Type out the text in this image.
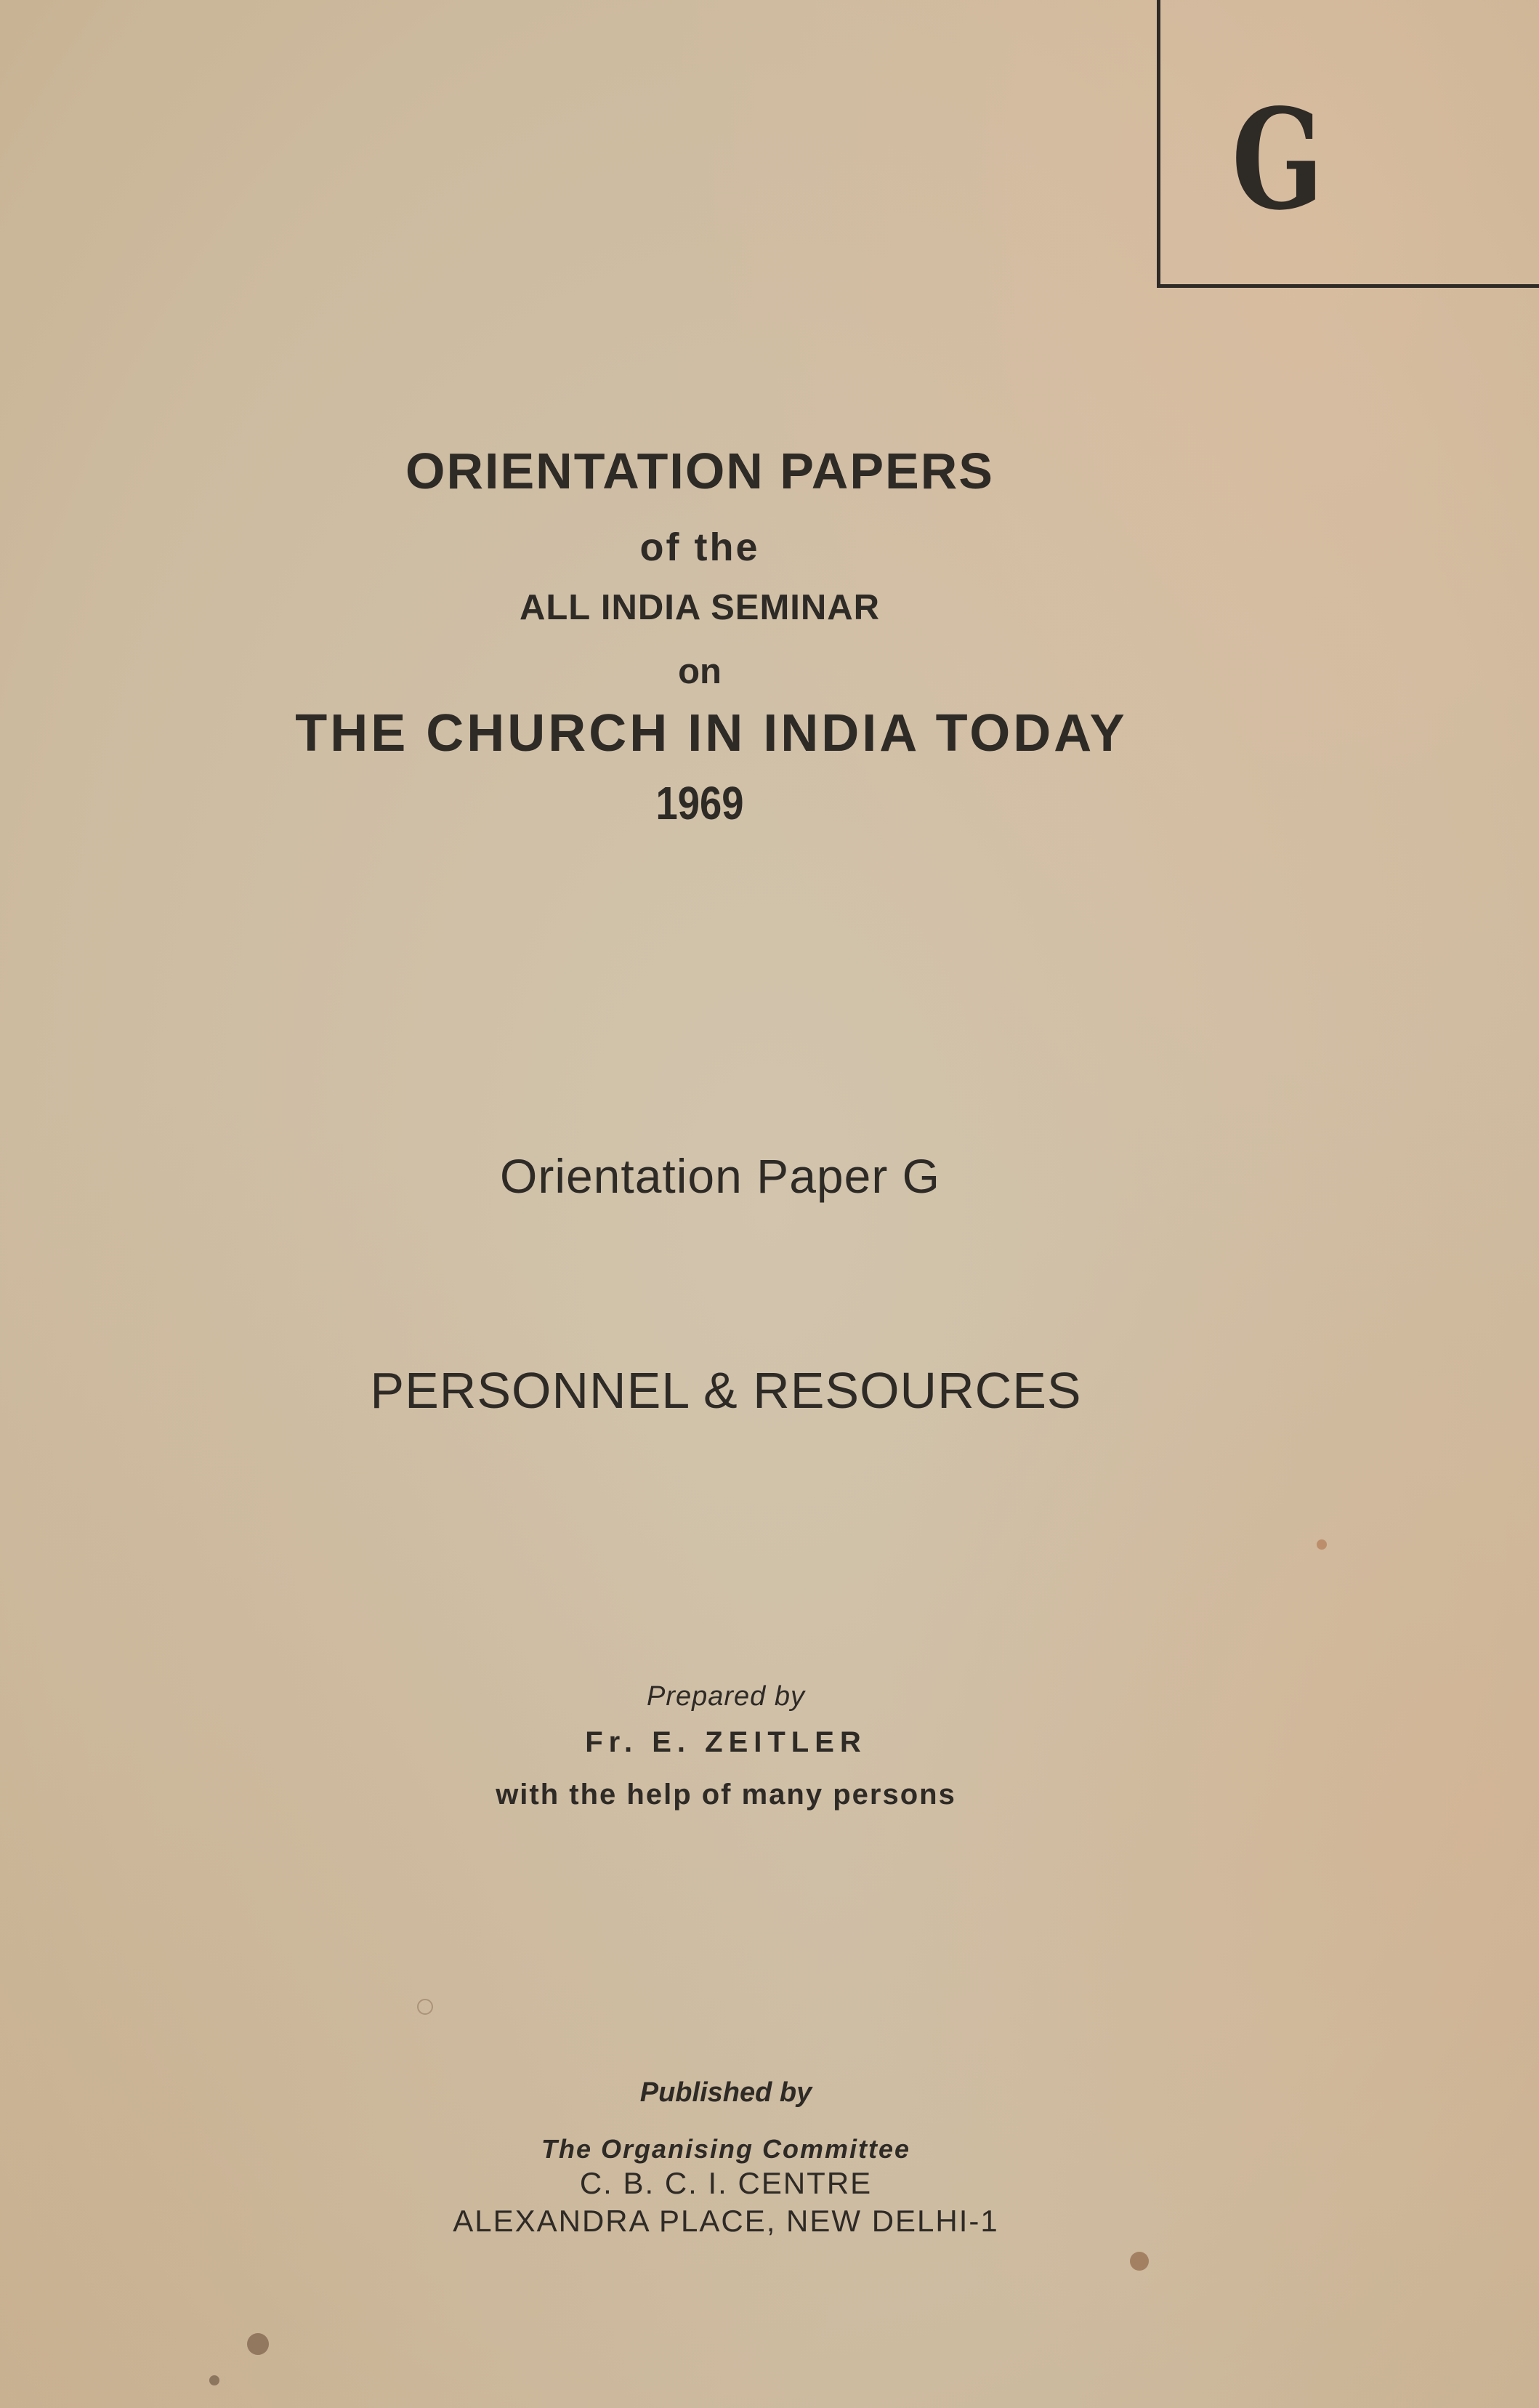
G
ORIENTATION PAPERS
of the
ALL INDIA SEMINAR
on
THE CHURCH IN INDIA TODAY
1969
Orientation Paper G
PERSONNEL & RESOURCES
Prepared by
Fr. E. ZEITLER
with the help of many persons
Published by
The Organising Committee
C. B. C. I. CENTRE
ALEXANDRA PLACE, NEW DELHI-1
